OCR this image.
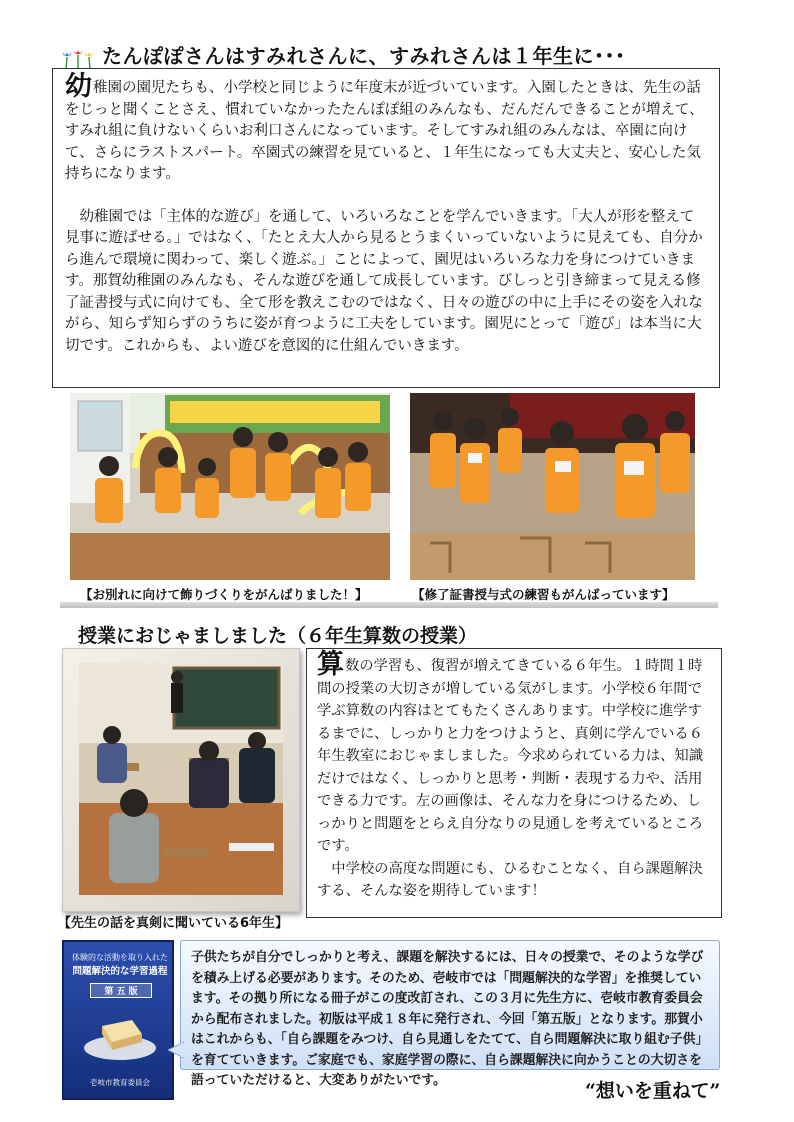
たんぽぽさんはすみれさんに、すみれさんは１年生に･･･

幼稚園の園児たちも、小学校と同じように年度末が近づいています。入園したときは、先生の話をじっと聞くことさえ、慣れていなかったたんぽぽ組のみんなも、だんだんできることが増えて、すみれ組に負けないくらいお利口さんになっています。そしてすみれ組のみんなは、卒園に向けて、さらにラストスパート。卒園式の練習を見ていると、１年生になっても大丈夫と、安心した気持ちになります。

幼稚園では「主体的な遊び」を通して、いろいろなことを学んでいきます。「大人が形を整えて見事に遊ばせる。」ではなく、「たとえ大人から見るとうまくいっていないように見えても、自分から進んで環境に関わって、楽しく遊ぶ。」ことによって、園児はいろいろな力を身につけていきます。那賀幼稚園のみんなも、そんな遊びを通して成長しています。びしっと引き締まって見える修了証書授与式に向けても、全て形を教えこむのではなく、日々の遊びの中に上手にその姿を入れながら、知らず知らずのうちに姿が育つように工夫をしています。園児にとって「遊び」は本当に大切です。これからも、よい遊びを意図的に仕組んでいきます。

【お別れに向けて飾りづくりをがんばりました！】	【修了証書授与式の練習もがんばっています】
授業におじゃましました（６年生算数の授業）

算数の学習も、復習が増えてきている６年生。１時間１時間の授業の大切さが増している気がします。小学校６年間で学ぶ算数の内容はとてもたくさんあります。中学校に進学するまでに、しっかりと力をつけようと、真剣に学んでいる６年生教室におじゃましました。今求められている力は、知識だけではなく、しっかりと思考・判断・表現する力や、活用できる力です。左の画像は、そんな力を身につけるため、しっかりと問題をとらえ自分なりの見通しを考えているところです。

中学校の高度な問題にも、ひるむことなく、自ら課題解決する、そんな姿を期待しています！

【先生の話を真剣に聞いている6年生】
体験的な活動を取り入れた
問題解決的な学習過程
第 五 版
壱岐市教育委員会

子供たちが自分でしっかりと考え、課題を解決するには、日々の授業で、そのような学びを積み上げる必要があります。そのため、壱岐市では「問題解決的な学習」を推奨しています。その拠り所になる冊子がこの度改訂され、この３月に先生方に、壱岐市教育委員会から配布されました。初版は平成１８年に発行され、今回「第五版」となります。那賀小はこれからも、「自ら課題をみつけ、自ら見通しをたてて、自ら問題解決に取り組む子供」を育てていきます。ご家庭でも、家庭学習の際に、自ら課題解決に向かうことの大切さを語っていただけると、大変ありがたいです。	“想いを重ねて”
